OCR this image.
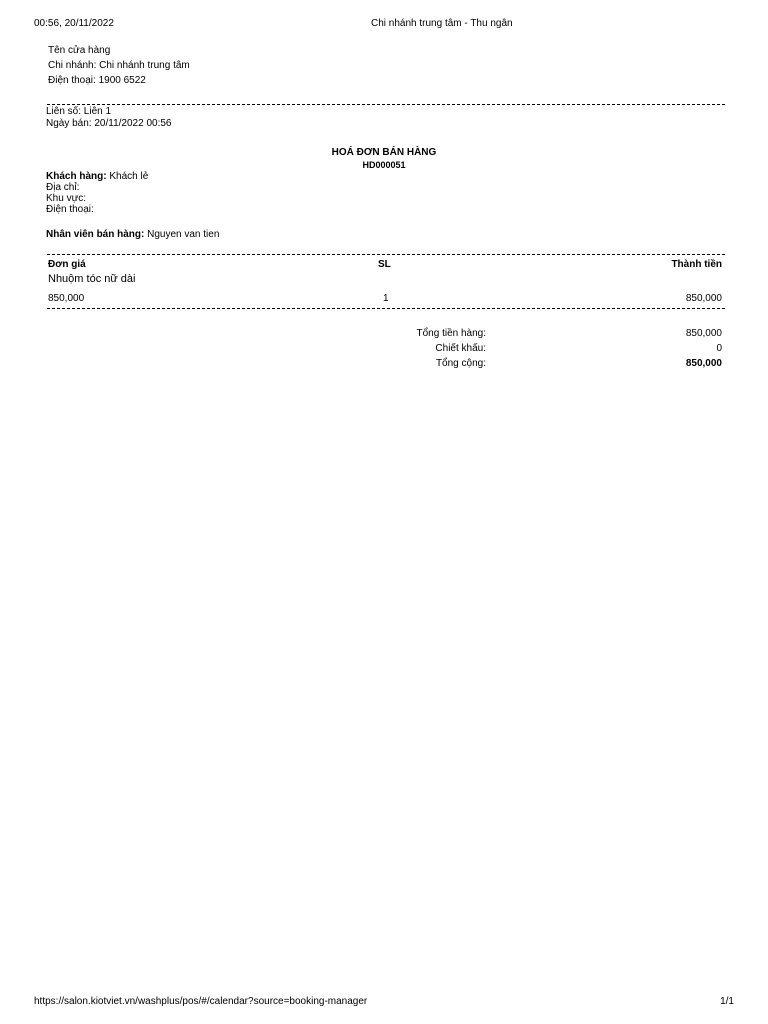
00:56, 20/11/2022	Chi nhánh trung tâm - Thu ngân
Tên cửa hàng
Chi nhánh: Chi nhánh trung tâm
Điện thoại: 1900 6522
Liên số: Liên 1
Ngày bán: 20/11/2022 00:56
HOÁ ĐƠN BÁN HÀNG
HD000051
Khách hàng: Khách lẻ
Địa chỉ:
Khu vực:
Điện thoại:
Nhân viên bán hàng: Nguyen van tien
Đơn giá	SL	Thành tiền
Nhuộm tóc nữ dài
850,000	1	850,000
Tổng tiền hàng:	850,000
Chiết khấu:	0
Tổng cộng:	850,000
https://salon.kiotviet.vn/washplus/pos/#/calendar?source=booking-manager	1/1
